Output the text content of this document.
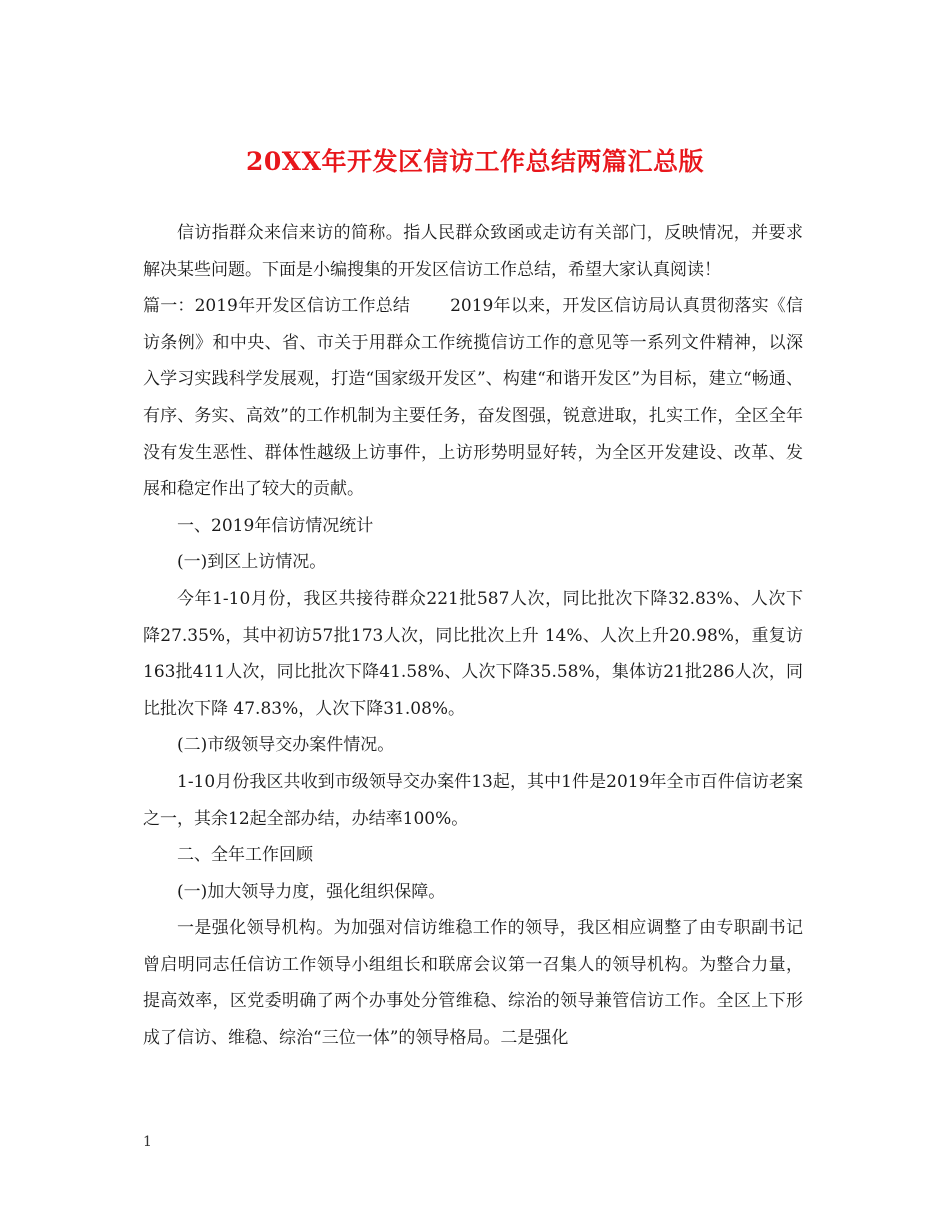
20XX年开发区信访工作总结两篇汇总版

信访指群众来信来访的简称。指人民群众致函或走访有关部门，反映情况，并要求解决某些问题。下面是小编搜集的开发区信访工作总结，希望大家认真阅读！

篇一：2019年开发区信访工作总结 2019年以来，开发区信访局认真贯彻落实《信访条例》和中央、省、市关于用群众工作统揽信访工作的意见等一系列文件精神，以深入学习实践科学发展观，打造“国家级开发区”、构建“和谐开发区”为目标，建立“畅通、有序、务实、高效”的工作机制为主要任务，奋发图强，锐意进取，扎实工作，全区全年没有发生恶性、群体性越级上访事件，上访形势明显好转，为全区开发建设、改革、发展和稳定作出了较大的贡献。

一、2019年信访情况统计

(一)到区上访情况。

今年1-10月份，我区共接待群众221批587人次，同比批次下降32.83%、人次下降27.35%，其中初访57批173人次，同比批次上升 14%、人次上升20.98%，重复访163批411人次，同比批次下降41.58%、人次下降35.58%，集体访21批286人次，同比批次下降 47.83%，人次下降31.08%。

(二)市级领导交办案件情况。

1-10月份我区共收到市级领导交办案件13起，其中1件是2019年全市百件信访老案之一，其余12起全部办结，办结率100%。

二、全年工作回顾

(一)加大领导力度，强化组织保障。

一是强化领导机构。为加强对信访维稳工作的领导，我区相应调整了由专职副书记曾启明同志任信访工作领导小组组长和联席会议第一召集人的领导机构。为整合力量，提高效率，区党委明确了两个办事处分管维稳、综治的领导兼管信访工作。全区上下形成了信访、维稳、综治“三位一体”的领导格局。二是强化

1
